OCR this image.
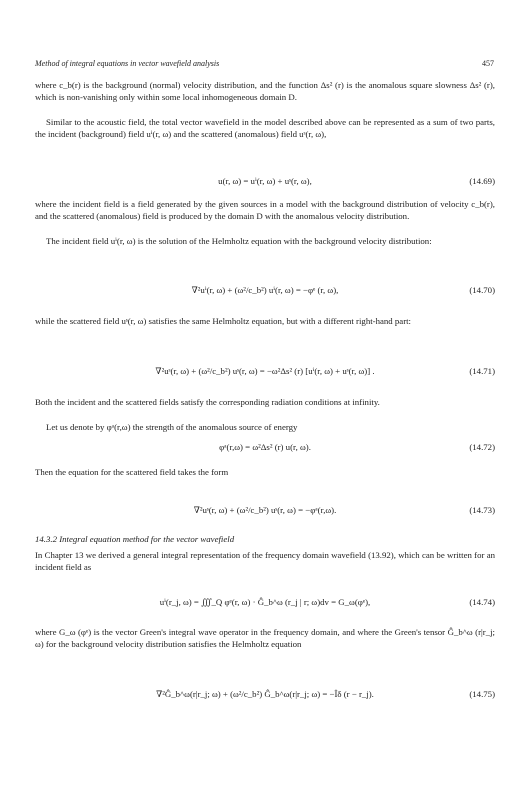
Method of integral equations in vector wavefield analysis	457

where c_b(r) is the background (normal) velocity distribution, and the function Δs² (r) is the anomalous square slowness Δs² (r), which is non-vanishing only within some local inhomogeneous domain D.

Similar to the acoustic field, the total vector wavefield in the model described above can be represented as a sum of two parts, the incident (background) field uⁱ(r, ω) and the scattered (anomalous) field uˢ(r, ω),

u(r, ω) = uⁱ(r, ω) + uˢ(r, ω),	(14.69)

where the incident field is a field generated by the given sources in a model with the background distribution of velocity c_b(r), and the scattered (anomalous) field is produced by the domain D with the anomalous velocity distribution.

The incident field uⁱ(r, ω) is the solution of the Helmholtz equation with the background velocity distribution:

∇²uⁱ(r, ω) + (ω²/c_b²) uⁱ(r, ω) = −φᵉ (r, ω),	(14.70)

while the scattered field uˢ(r, ω) satisfies the same Helmholtz equation, but with a different right-hand part:

∇²uˢ(r, ω) + (ω²/c_b²) uˢ(r, ω) = −ω²Δs² (r) [uⁱ(r, ω) + uˢ(r, ω)] .	(14.71)

Both the incident and the scattered fields satisfy the corresponding radiation conditions at infinity.

Let us denote by φᵃ(r,ω) the strength of the anomalous source of energy

φᵃ(r,ω) = ω²Δs² (r) u(r, ω).	(14.72)

Then the equation for the scattered field takes the form

∇²uˢ(r, ω) + (ω²/c_b²) uˢ(r, ω) = −φᵃ(r,ω).	(14.73)
14.3.2 Integral equation method for the vector wavefield

In Chapter 13 we derived a general integral representation of the frequency domain wavefield (13.92), which can be written for an incident field as

uⁱ(r_j, ω) = ∭_Q φᵉ(r, ω) · Ĝ_b^ω (r_j | r; ω)dv = G_ω(φᵉ),	(14.74)

where G_ω (φᵉ) is the vector Green's integral wave operator in the frequency domain, and where the Green's tensor Ĝ_b^ω (r|r_j; ω) for the background velocity distribution satisfies the Helmholtz equation

∇²Ĝ_b^ω(r|r_j; ω) + (ω²/c_b²) Ĝ_b^ω(r|r_j; ω) = −Îδ (r − r_j).	(14.75)
